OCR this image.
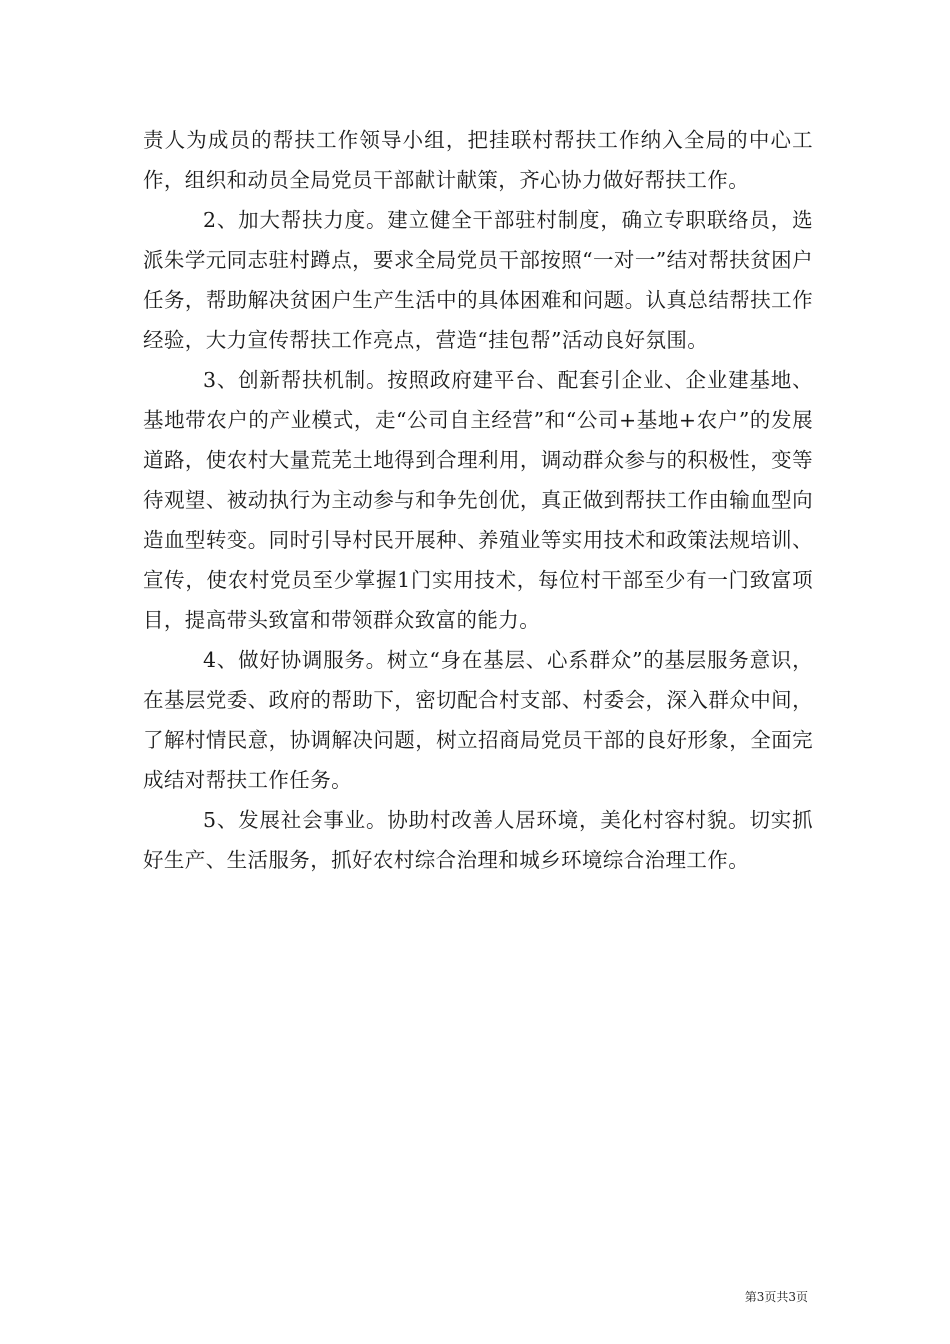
责人为成员的帮扶工作领导小组，把挂联村帮扶工作纳入全局的中心工作，组织和动员全局党员干部献计献策，齐心协力做好帮扶工作。

2、加大帮扶力度。建立健全干部驻村制度，确立专职联络员，选派朱学元同志驻村蹲点，要求全局党员干部按照“一对一”结对帮扶贫困户任务，帮助解决贫困户生产生活中的具体困难和问题。认真总结帮扶工作经验，大力宣传帮扶工作亮点，营造“挂包帮”活动良好氛围。

3、创新帮扶机制。按照政府建平台、配套引企业、企业建基地、基地带农户的产业模式，走“公司自主经营”和“公司+基地+农户”的发展道路，使农村大量荒芜土地得到合理利用，调动群众参与的积极性，变等待观望、被动执行为主动参与和争先创优，真正做到帮扶工作由输血型向造血型转变。同时引导村民开展种、养殖业等实用技术和政策法规培训、宣传，使农村党员至少掌握1门实用技术，每位村干部至少有一门致富项目，提高带头致富和带领群众致富的能力。

4、做好协调服务。树立“身在基层、心系群众”的基层服务意识，在基层党委、政府的帮助下，密切配合村支部、村委会，深入群众中间，了解村情民意，协调解决问题，树立招商局党员干部的良好形象，全面完成结对帮扶工作任务。

5、发展社会事业。协助村改善人居环境，美化村容村貌。切实抓好生产、生活服务，抓好农村综合治理和城乡环境综合治理工作。

第3页共3页
